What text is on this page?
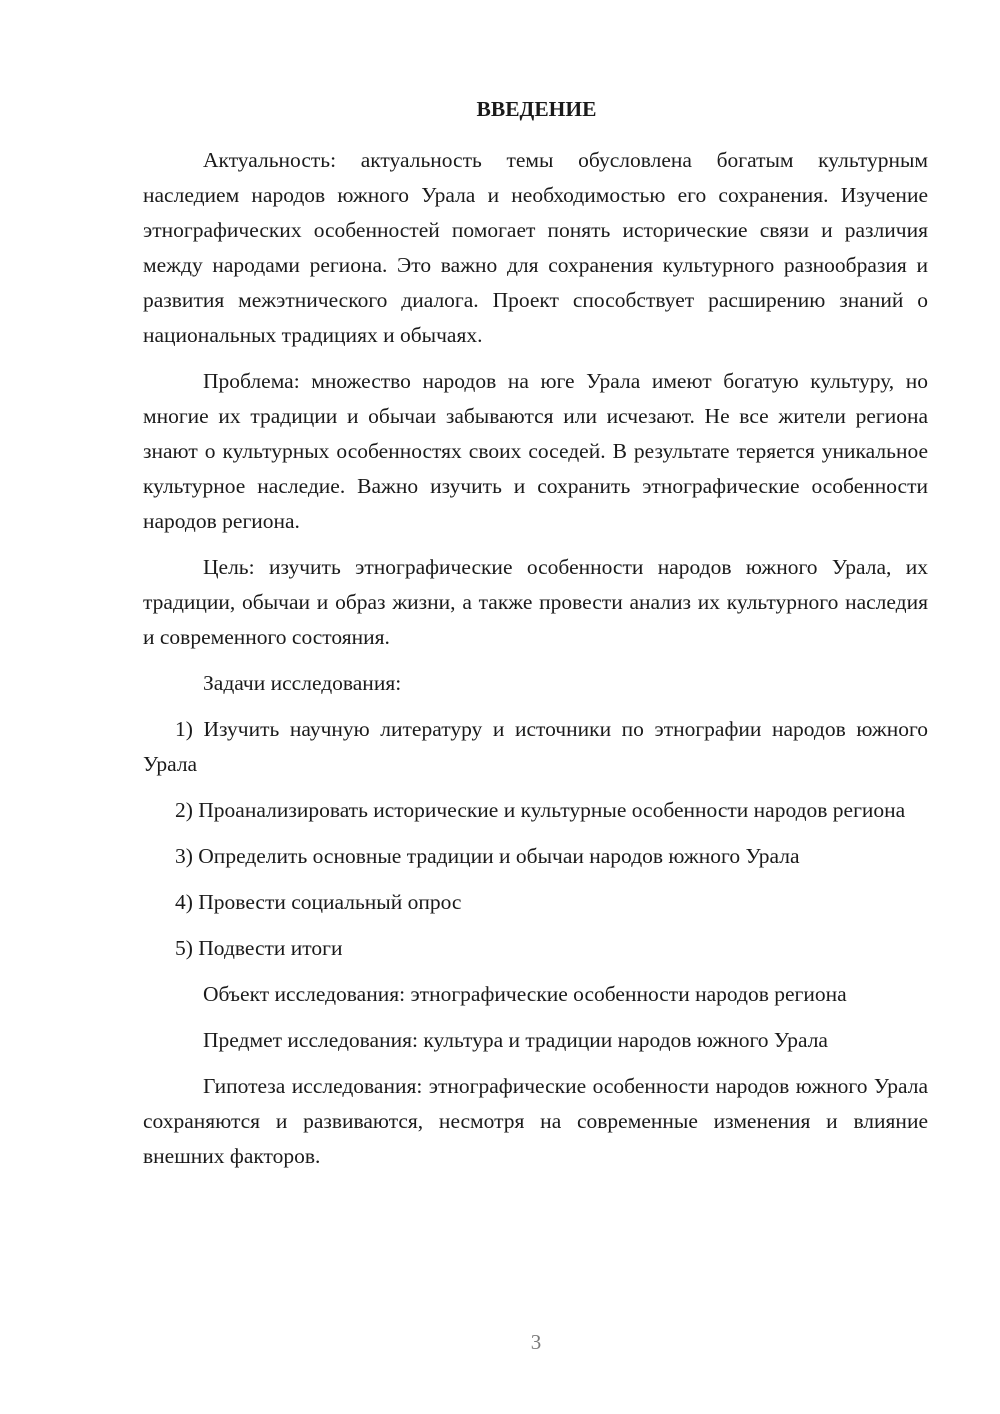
ВВЕДЕНИЕ

Актуальность: актуальность темы обусловлена богатым культурным наследием народов южного Урала и необходимостью его сохранения. Изучение этнографических особенностей помогает понять исторические связи и различия между народами региона. Это важно для сохранения культурного разнообразия и развития межэтнического диалога. Проект способствует расширению знаний о национальных традициях и обычаях.

Проблема: множество народов на юге Урала имеют богатую культуру, но многие их традиции и обычаи забываются или исчезают. Не все жители региона знают о культурных особенностях своих соседей. В результате теряется уникальное культурное наследие. Важно изучить и сохранить этнографические особенности народов региона.

Цель: изучить этнографические особенности народов южного Урала, их традиции, обычаи и образ жизни, а также провести анализ их культурного наследия и современного состояния.

Задачи исследования:

1) Изучить научную литературу и источники по этнографии народов южного Урала

2) Проанализировать исторические и культурные особенности народов региона

3) Определить основные традиции и обычаи народов южного Урала

4) Провести социальный опрос

5) Подвести итоги

Объект исследования: этнографические особенности народов региона

Предмет исследования: культура и традиции народов южного Урала

Гипотеза исследования: этнографические особенности народов южного Урала сохраняются и развиваются, несмотря на современные изменения и влияние внешних факторов.

3
